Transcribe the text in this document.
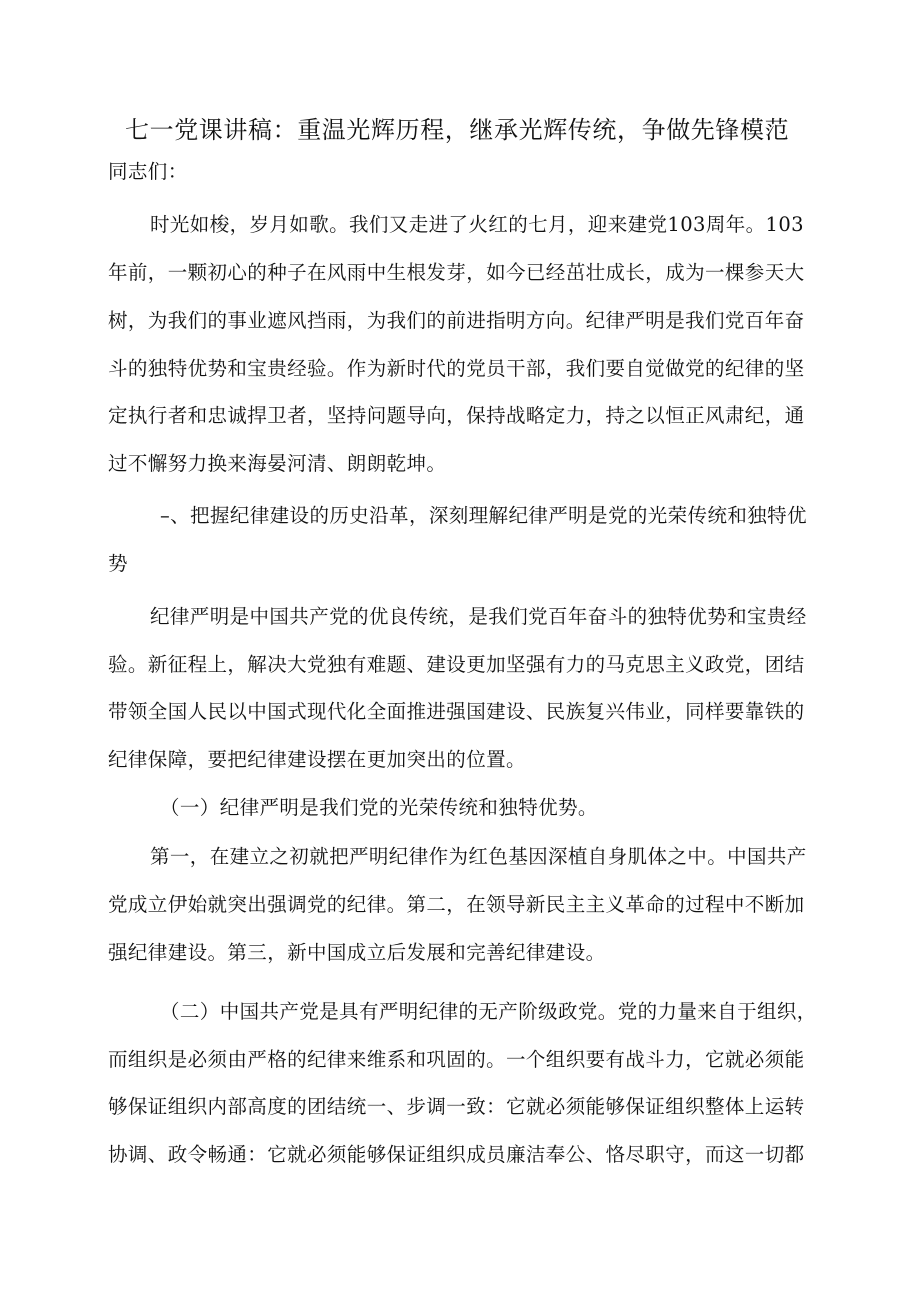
七一党课讲稿：重温光辉历程，继承光辉传统，争做先锋模范
同志们：
时光如梭，岁月如歌。我们又走进了火红的七月，迎来建党103周年。103
年前，一颗初心的种子在风雨中生根发芽，如今已经茁壮成长，成为一棵参天大
树，为我们的事业遮风挡雨，为我们的前进指明方向。纪律严明是我们党百年奋
斗的独特优势和宝贵经验。作为新时代的党员干部，我们要自觉做党的纪律的坚
定执行者和忠诚捍卫者，坚持问题导向，保持战略定力，持之以恒正风肃纪，通
过不懈努力换来海晏河清、朗朗乾坤。
–、把握纪律建设的历史沿革，深刻理解纪律严明是党的光荣传统和独特优
势
纪律严明是中国共产党的优良传统，是我们党百年奋斗的独特优势和宝贵经
验。新征程上，解决大党独有难题、建设更加坚强有力的马克思主义政党，团结
带领全国人民以中国式现代化全面推进强国建设、民族复兴伟业，同样要靠铁的
纪律保障，要把纪律建设摆在更加突出的位置。
（一）纪律严明是我们党的光荣传统和独特优势。
第一，在建立之初就把严明纪律作为红色基因深植自身肌体之中。中国共产
党成立伊始就突出强调党的纪律。第二，在领导新民主主义革命的过程中不断加
强纪律建设。第三，新中国成立后发展和完善纪律建设。
（二）中国共产党是具有严明纪律的无产阶级政党。党的力量来自于组织，
而组织是必须由严格的纪律来维系和巩固的。一个组织要有战斗力，它就必须能
够保证组织内部高度的团结统一、步调一致：它就必须能够保证组织整体上运转
协调、政令畅通：它就必须能够保证组织成员廉洁奉公、恪尽职守，而这一切都
